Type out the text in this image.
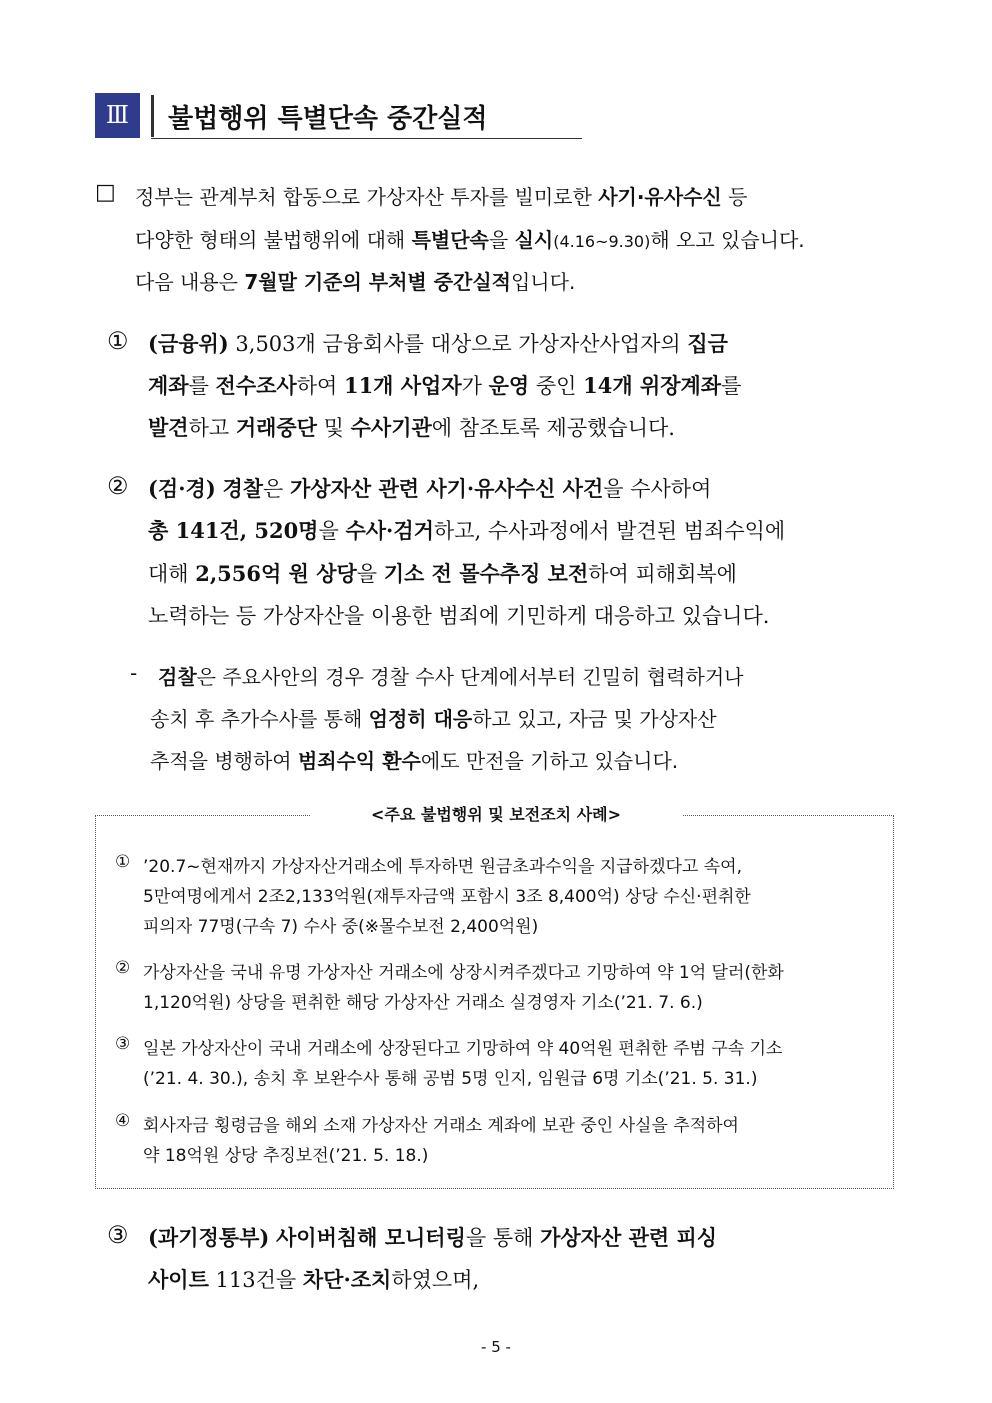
Ⅲ	불법행위 특별단속 중간실적
□ 정부는 관계부처 합동으로 가상자산 투자를 빌미로한 사기·유사수신 등
다양한 형태의 불법행위에 대해 특별단속을 실시(4.16~9.30)해 오고 있습니다.
다음 내용은 7월말 기준의 부처별 중간실적입니다.
① (금융위) 3,503개 금융회사를 대상으로 가상자산사업자의 집금
계좌를 전수조사하여 11개 사업자가 운영 중인 14개 위장계좌를
발견하고 거래중단 및 수사기관에 참조토록 제공했습니다.
② (검·경) 경찰은 가상자산 관련 사기·유사수신 사건을 수사하여
총 141건, 520명을 수사·검거하고, 수사과정에서 발견된 범죄수익에
대해 2,556억 원 상당을 기소 전 몰수추징 보전하여 피해회복에
노력하는 등 가상자산을 이용한 범죄에 기민하게 대응하고 있습니다.
- 검찰은 주요사안의 경우 경찰 수사 단계에서부터 긴밀히 협력하거나
송치 후 추가수사를 통해 엄정히 대응하고 있고, 자금 및 가상자산
추적을 병행하여 범죄수익 환수에도 만전을 기하고 있습니다.
<주요 불법행위 및 보전조치 사례>
① ’20.7~현재까지 가상자산거래소에 투자하면 원금초과수익을 지급하겠다고 속여,
5만여명에게서 2조2,133억원(재투자금액 포함시 3조 8,400억) 상당 수신·편취한
피의자 77명(구속 7) 수사 중(※몰수보전 2,400억원)
② 가상자산을 국내 유명 가상자산 거래소에 상장시켜주겠다고 기망하여 약 1억 달러(한화
1,120억원) 상당을 편취한 해당 가상자산 거래소 실경영자 기소(’21. 7. 6.)
③ 일본 가상자산이 국내 거래소에 상장된다고 기망하여 약 40억원 편취한 주범 구속 기소
(’21. 4. 30.), 송치 후 보완수사 통해 공범 5명 인지, 임원급 6명 기소(’21. 5. 31.)
④ 회사자금 횡령금을 해외 소재 가상자산 거래소 계좌에 보관 중인 사실을 추적하여
약 18억원 상당 추징보전(’21. 5. 18.)
③ (과기정통부) 사이버침해 모니터링을 통해 가상자산 관련 피싱
사이트 113건을 차단·조치하였으며,
- 5 -
